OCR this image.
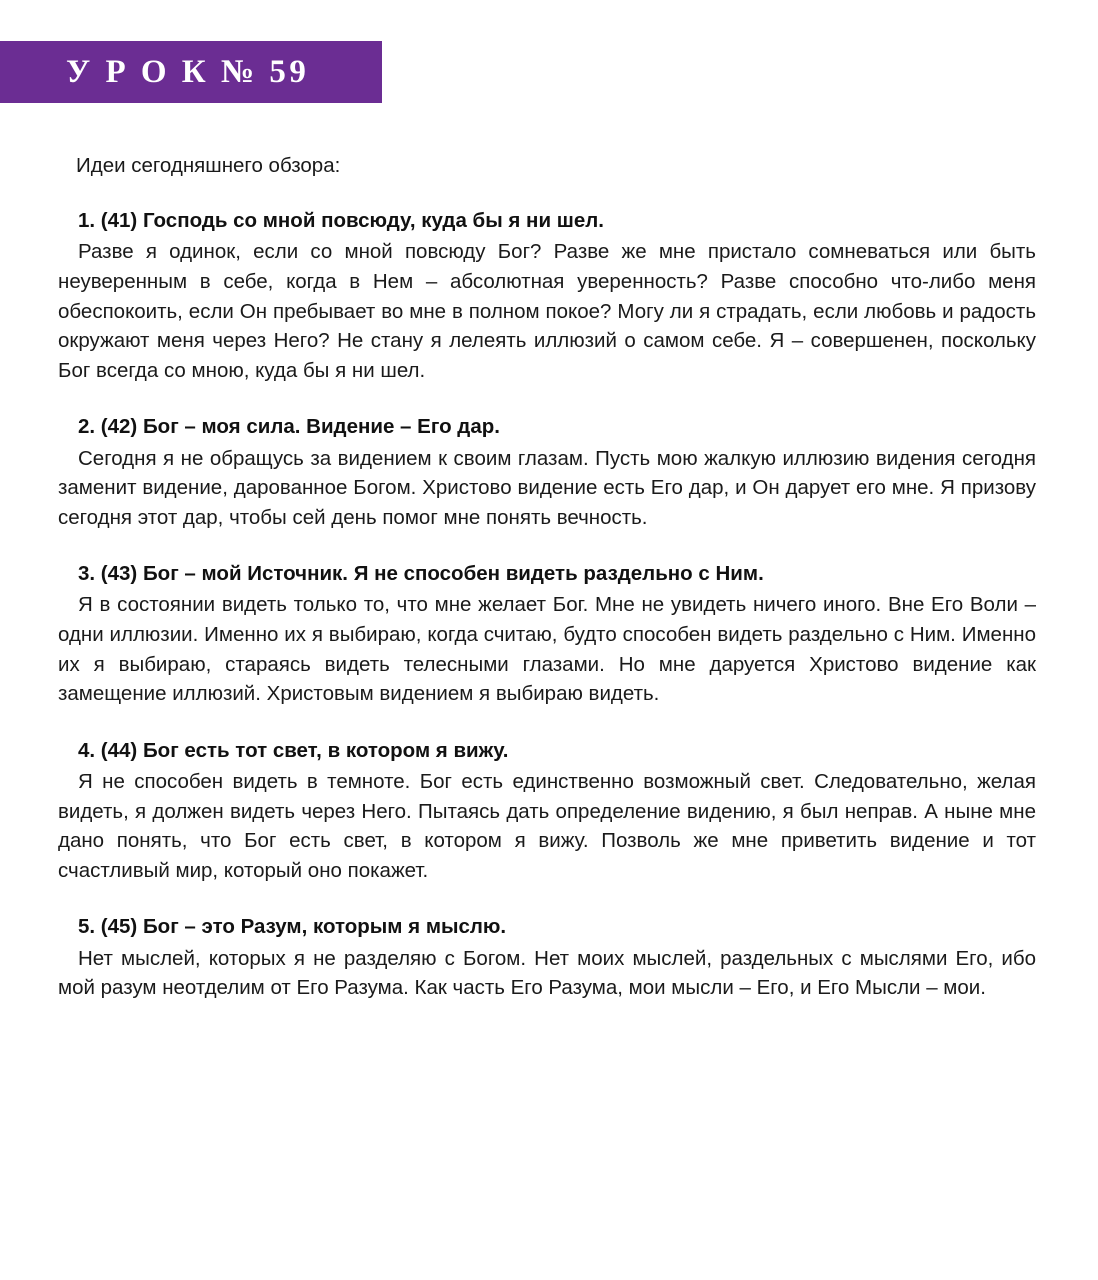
У Р О К № 59

Идеи сегодняшнего обзора:

1. (41) Господь со мной повсюду, куда бы я ни шел.

Разве я одинок, если со мной повсюду Бог? Разве же мне пристало сомневаться или быть неуверенным в себе, когда в Нем – абсолютная уверенность? Разве способно что-либо меня обеспокоить, если Он пребывает во мне в полном покое? Могу ли я страдать, если любовь и радость окружают меня через Него? Не стану я лелеять иллюзий о самом себе. Я – совершенен, поскольку Бог всегда со мною, куда бы я ни шел.

2. (42) Бог – моя сила. Видение – Его дар.

Сегодня я не обращусь за видением к своим глазам. Пусть мою жалкую иллюзию видения сегодня заменит видение, дарованное Богом. Христово видение есть Его дар, и Он дарует его мне. Я призову сегодня этот дар, чтобы сей день помог мне понять вечность.

3. (43) Бог – мой Источник. Я не способен видеть раздельно с Ним.

Я в состоянии видеть только то, что мне желает Бог. Мне не увидеть ничего иного. Вне Его Воли – одни иллюзии. Именно их я выбираю, когда считаю, будто способен видеть раздельно с Ним. Именно их я выбираю, стараясь видеть телесными глазами. Но мне даруется Христово видение как замещение иллюзий. Христовым видением я выбираю видеть.

4. (44) Бог есть тот свет, в котором я вижу.

Я не способен видеть в темноте. Бог есть единственно возможный свет. Следовательно, желая видеть, я должен видеть через Него. Пытаясь дать определение видению, я был неправ. А ныне мне дано понять, что Бог есть свет, в котором я вижу. Позволь же мне приветить видение и тот счастливый мир, который оно покажет.

5. (45) Бог – это Разум, которым я мыслю.

Нет мыслей, которых я не разделяю с Богом. Нет моих мыслей, раздельных с мыслями Его, ибо мой разум неотделим от Его Разума. Как часть Его Разума, мои мысли – Его, и Его Мысли – мои.
